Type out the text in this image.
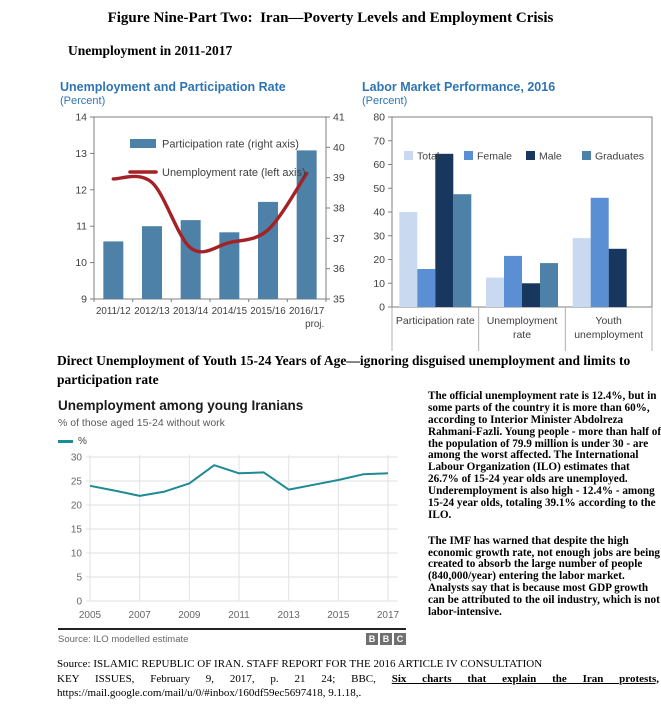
Figure Nine-Part Two:  Iran—Poverty Levels and Employment Crisis
Unemployment in 2011-2017
Unemployment and Participation Rate
(Percent)
14
13
12
11
10
9
41
40
39
38
37
36
35
2011/12 2012/13 2013/14 2014/15 2015/16 2016/17
proj.
Participation rate (right axis)
Unemployment rate (left axis)
Labor Market Performance, 2016
(Percent)
80
70
60
50
40
30
20
10
0
Participation rate Unemployment
rate
Youth
unemployment
Total	Female	Male	Graduates
Direct Unemployment of Youth 15-24 Years of Age—ignoring disguised unemployment and limits to participation rate
Unemployment among young Iranians
% of those aged 15-24 without work
%
30
25
20
15
10
5
0
2005	2007	2009	2011	2013	2015	2017
Source: ILO modelled estimate	B B C

The official unemployment rate is 12.4%, but in some parts of the country it is more than 60%, according to Interior Minister Abdolreza Rahmani-Fazli. Young people - more than half of the population of 79.9 million is under 30 - are among the worst affected. The International Labour Organization (ILO) estimates that 26.7% of 15-24 year olds are unemployed. Underemployment is also high - 12.4% - among 15-24 year olds, totaling 39.1% according to the ILO.

The IMF has warned that despite the high economic growth rate, not enough jobs are being created to absorb the large number of people (840,000/year) entering the labor market. Analysts say that is because most GDP growth can be attributed to the oil industry, which is not labor-intensive.

Source: ISLAMIC REPUBLIC OF IRAN. STAFF REPORT FOR THE 2016 ARTICLE IV CONSULTATION
KEY ISSUES, February 9, 2017, p. 21 24; BBC, Six charts that explain the Iran protests,
https://mail.google.com/mail/u/0/#inbox/160df59ec5697418, 9.1.18,.
